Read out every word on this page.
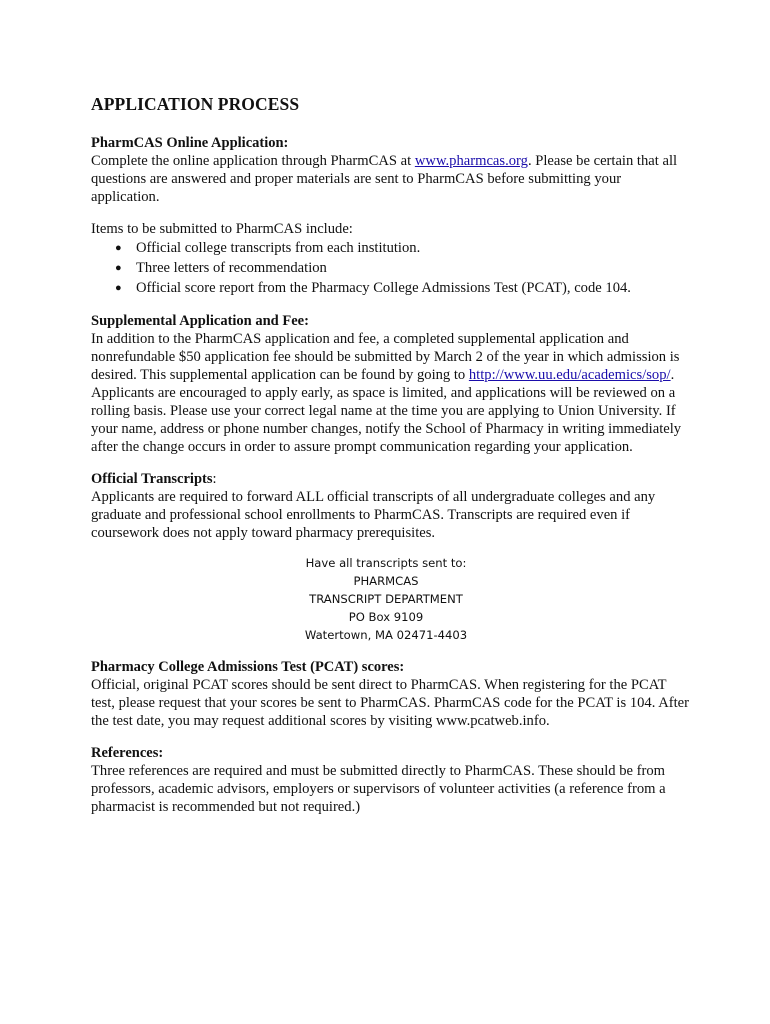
APPLICATION PROCESS
PharmCAS Online Application:

Complete the online application through PharmCAS at www.pharmcas.org. Please be certain that all questions are answered and proper materials are sent to PharmCAS before submitting your application.

Items to be submitted to PharmCAS include:

● Official college transcripts from each institution.
● Three letters of recommendation
● Official score report from the Pharmacy College Admissions Test (PCAT), code 104.
Supplemental Application and Fee:

In addition to the PharmCAS application and fee, a completed supplemental application and nonrefundable $50 application fee should be submitted by March 2 of the year in which admission is desired. This supplemental application can be found by going to http://www.uu.edu/academics/sop/. Applicants are encouraged to apply early, as space is limited, and applications will be reviewed on a rolling basis. Please use your correct legal name at the time you are applying to Union University. If your name, address or phone number changes, notify the School of Pharmacy in writing immediately after the change occurs in order to assure prompt communication regarding your application.

Official Transcripts:

Applicants are required to forward ALL official transcripts of all undergraduate colleges and any graduate and professional school enrollments to PharmCAS. Transcripts are required even if coursework does not apply toward pharmacy prerequisites.

Have all transcripts sent to:
PHARMCAS
TRANSCRIPT DEPARTMENT
PO Box 9109
Watertown, MA 02471-4403
Pharmacy College Admissions Test (PCAT) scores:

Official, original PCAT scores should be sent direct to PharmCAS. When registering for the PCAT test, please request that your scores be sent to PharmCAS. PharmCAS code for the PCAT is 104. After the test date, you may request additional scores by visiting www.pcatweb.info.

References:

Three references are required and must be submitted directly to PharmCAS. These should be from professors, academic advisors, employers or supervisors of volunteer activities (a reference from a pharmacist is recommended but not required.)
